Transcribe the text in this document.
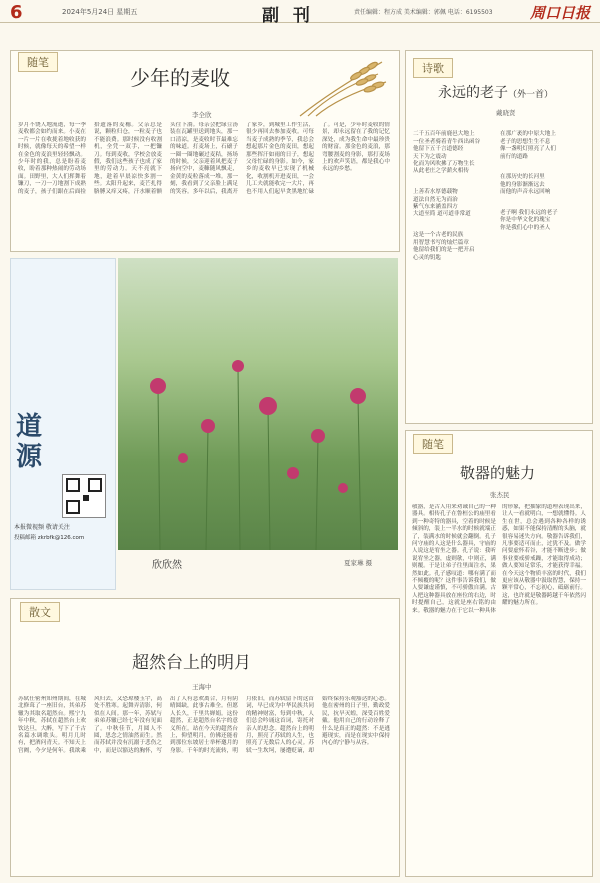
6	2024年5月24日 星期五	副 刊	责任编辑：程方成 美术编辑：郭佩 电话：6195503 周口日报
随笔
少年的麦收
李全欣
岁月不饶人地流逝，每一季麦收都会如约而来。小麦在一片一片在收拢着地收获的时候，就像每天的希望一样在金色的麦浪里轻轻飘动。少年时的我，总是盼着麦收，盼着那种热闹的劳动场面。田野里，大人们挥舞着镰刀，一刀一刀地割下成熟的麦子，孩子们跟在后面捡拾遗落的麦穗。父亲总是说，颗粒归仓，一粒麦子也不能浪费。那时候没有收割机，全凭一双手，一把镰刀。每到麦收，学校会放麦假，我们这些孩子也成了家里的劳动力。天不亮就下地，趁着早晨凉快多割一些。太阳升起来，麦芒扎得胳膊又痒又疼，汗水顺着额头往下淌。母亲会把绿豆汤装在瓦罐里送到地头，那一口清凉，是麦收时节最难忘的味道。打麦场上，石磙子一圈一圈地碾过麦秸，扬场的时候，父亲迎着风把麦子扬向空中，麦糠随风飘走，金黄的麦粒落成一堆。那一刻，我看到了父亲脸上满足的笑容。多年以后，我离开了家乡，到城里工作生活，很少再回去参加麦收。可每当麦子成熟的季节，我总会想起那片金色的麦田，想起那些挥汗如雨的日子，想起父母忙碌的身影。如今，家乡的麦收早已实现了机械化，收割机开进麦田，一会儿工夫就能收完一大片，再也不用人们起早贪黑地忙碌了。可是，少年时麦收的情景，却永远留在了我的记忆深处，成为我生命中最珍贵的财富。那金色的麦浪，那弯腰割麦的身影，那打麦场上的欢声笑语，都是我心中永远的乡愁。
诗歌
永远的老子（外一首）
戴晓贤

二千五百年前鹿邑大地上
一位圣者骑着青牛西出函谷
他留下五千言道德经
天下为之震动
化而为风吹拂了万物生长
从此老庄之学薪火相传

上善若水厚德载物
道法自然无为而治
紫气东来涵盖四方
大道至简 道可道非常道

这是一个古老的民族
用智慧书写的灿烂篇章
他留给我们的是一把开启
心灵的钥匙

在那广袤的中原大地上
老子的思想生生不息
像一盏明灯照亮了人们
前行的道路

在那历史的长河里
他的身影渐渐远去
而他的声音永远回响

老子啊 我们永远的老子
你是中华文化的瑰宝
你是我们心中的圣人

道源
本报微视频 敬请关注
投稿邮箱 zkrbfk@126.com
欣欣然	夏家琳 摄
随笔
敬器的魅力
张杰民
敬器，是古人用来劝诫自己的一种器具。相传孔子在鲁桓公的庙里看到一种奇特的器具，空着的时候是倾斜的，装上一半水的时候就端正了，装满水的时候就会翻倒。孔子问守庙的人这是什么器具，守庙的人说这是宥坐之器。孔子说：我听说宥坐之器，虚则欹，中则正，满则覆。于是让弟子往里面注水，果然如此。孔子感叹道：哪有满了而不倾覆的呢？这件事告诉我们，做人要谦虚谨慎，不可骄傲自满。古人把这种器具放在座位的右边，时时提醒自己，这就是座右铭的由来。敬器的魅力在于它以一种具体的形象，把抽象的道理表现出来，让人一看就明白，一想就懂得。人生在世，总会遇到各种各样的诱惑，如果不能保持清醒的头脑，就很容易迷失方向。敬器告诉我们，凡事要适可而止，过犹不及。做学问要虚怀若谷，才能不断进步；做事业要戒骄戒躁，才能取得成功；做人要知足常乐，才能获得幸福。在今天这个物质丰富的时代，我们更应该从敬器中汲取智慧，保持一颗平常心，不忘初心，砥砺前行。这，也许就是敬器跨越千年依然闪耀的魅力所在。
散文
超然台上的明月
王海中
苏轼任密州知州期间，在城北修葺了一座旧台，其弟苏辙为其取名超然台。熙宁九年中秋，苏轼在超然台上欢饮达旦，大醉，写下了千古名篇水调歌头。明月几时有，把酒问青天。不知天上宫阙，今夕是何年。我欲乘风归去，又恐琼楼玉宇，高处不胜寒。起舞弄清影，何似在人间。那一年，苏轼与弟弟苏辙已经七年没有见面了。中秋佳节，月圆人不圆，思念之情油然而生。然而苏轼并没有沉溺于悲伤之中，而是以豁达的胸怀，写出了人有悲欢离合，月有阴晴圆缺，此事古难全。但愿人长久，千里共婵娟。这份超然，正是超然台名字的意义所在。站在今天的超然台上，仰望明月，仿佛还能看到那位东坡居士举杯邀月的身影。千年的时光流转，明月依旧，而苏轼留下的这首词，早已成为中华民族共同的精神财富，每到中秋，人们总会吟诵这首词，寄托对亲人的思念。超然台上的明月，照亮了苏轼的人生，也照亮了无数后人的心灵。苏轼一生坎坷，屡遭贬谪，却始终保持乐观豁达的心态。他在密州的日子里，勤政爱民，抗旱灭蝗，深受百姓爱戴。他用自己的行动诠释了什么是真正的超然：不是逃避现实，而是在现实中保持内心的宁静与从容。
